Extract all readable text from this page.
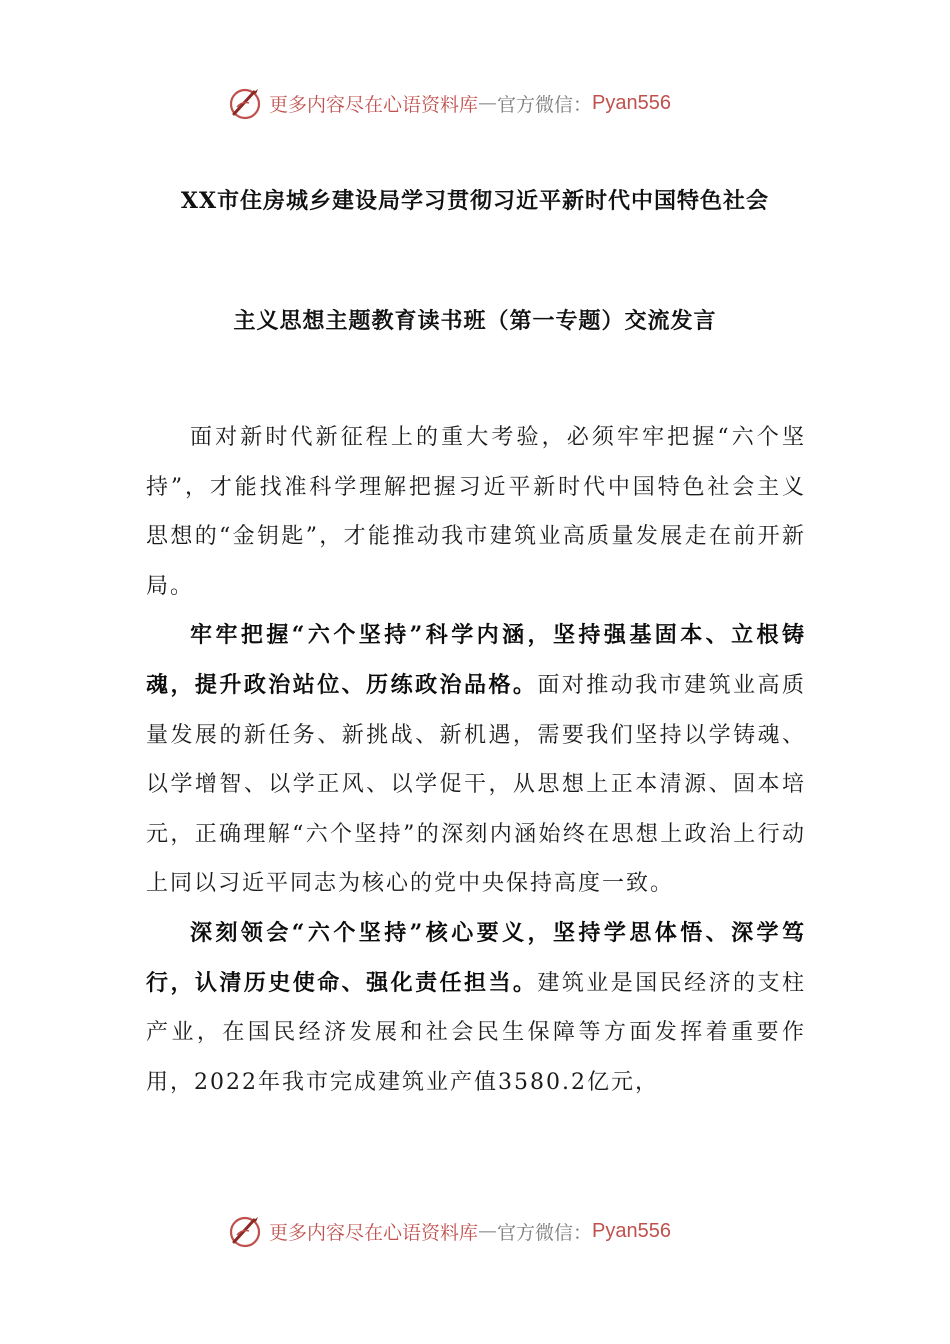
更多内容尽在心语资料库 — 官方微信： Pyan556
XX市住房城乡建设局学习贯彻习近平新时代中国特色社会
主义思想主题教育读书班（第一专题）交流发言

面对新时代新征程上的重大考验，必须牢牢把握“六个坚持”，才能找准科学理解把握习近平新时代中国特色社会主义思想的“金钥匙”，才能推动我市建筑业高质量发展走在前开新局。

牢牢把握“六个坚持”科学内涵，坚持强基固本、立根铸魂，提升政治站位、历练政治品格。面对推动我市建筑业高质量发展的新任务、新挑战、新机遇，需要我们坚持以学铸魂、以学增智、以学正风、以学促干，从思想上正本清源、固本培元，正确理解“六个坚持”的深刻内涵始终在思想上政治上行动上同以习近平同志为核心的党中央保持高度一致。

深刻领会“六个坚持”核心要义，坚持学思体悟、深学笃行，认清历史使命、强化责任担当。建筑业是国民经济的支柱产业，在国民经济发展和社会民生保障等方面发挥着重要作用，2022年我市完成建筑业产值3580.2亿元，

更多内容尽在心语资料库 — 官方微信： Pyan556
